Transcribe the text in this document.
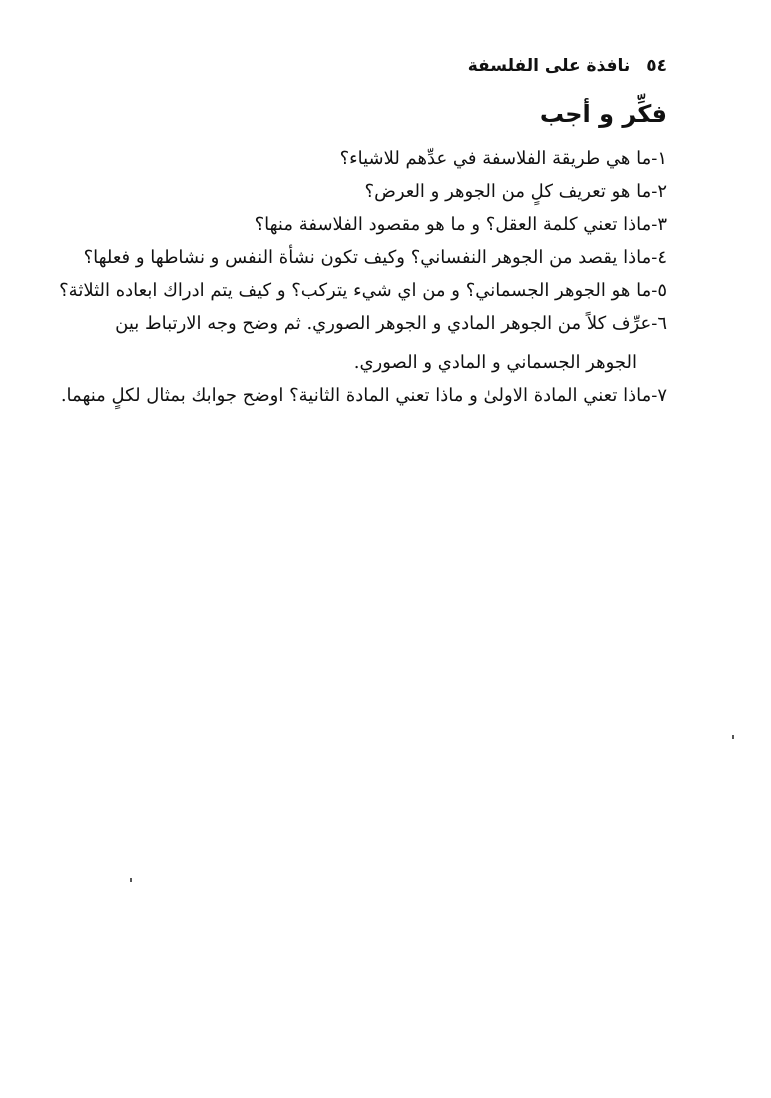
٥٤ نافذة على الفلسفة
فكِّر و أجب

١-ما هي طريقة الفلاسفة في عدِّهم للاشياء؟

٢-ما هو تعريف كلٍ من الجوهر و العرض؟

٣-ماذا تعني كلمة العقل؟ و ما هو مقصود الفلاسفة منها؟

٤-ماذا يقصد من الجوهر النفساني؟ وكيف تكون نشأة النفس و نشاطها و فعلها؟

٥-ما هو الجوهر الجسماني؟ و من اي شيء يتركب؟ و كيف يتم ادراك ابعاده الثلاثة؟

٦-عرِّف كلاً من الجوهر المادي و الجوهر الصوري. ثم وضح وجه الارتباط بين
الجوهر الجسماني و المادي و الصوري.

٧-ماذا تعني المادة الاولىٰ و ماذا تعني المادة الثانية؟ اوضح جوابك بمثال لكلٍ منهما.
